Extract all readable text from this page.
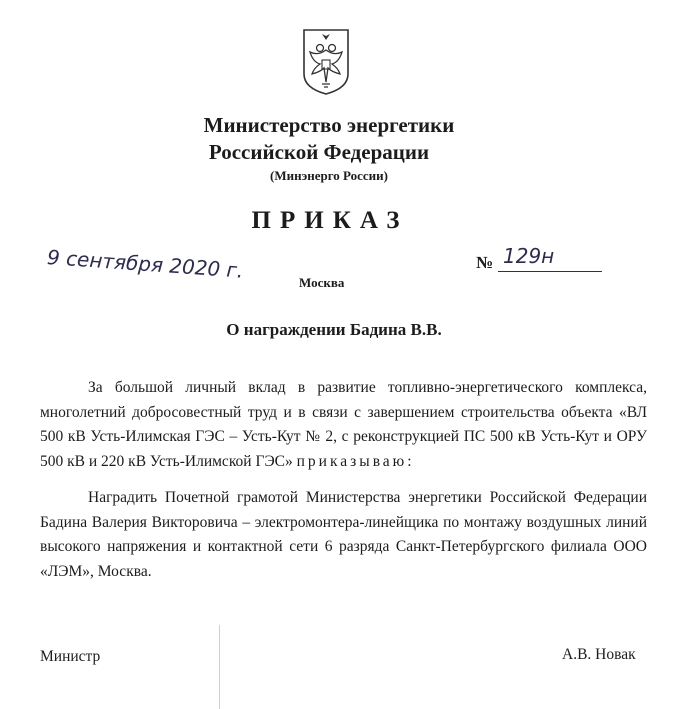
Министерство энергетики
Российской Федерации
(Минэнерго России)
ПРИКАЗ
9 сентября 2020 г.	№ 129н
Москва
О награждении Бадина В.В.
За большой личный вклад в развитие топливно-энергетического комплекса, многолетний добросовестный труд и в связи с завершением строительства объекта «ВЛ 500 кВ Усть-Илимская ГЭС – Усть-Кут № 2, с реконструкцией ПС 500 кВ Усть-Кут и ОРУ 500 кВ и 220 кВ Усть-Илимской ГЭС» приказываю:
Наградить Почетной грамотой Министерства энергетики Российской Федерации Бадина Валерия Викторовича – электромонтера-линейщика по монтажу воздушных линий высокого напряжения и контактной сети 6 разряда Санкт-Петербургского филиала ООО «ЛЭМ», Москва.
Министр	А.В. Новак
